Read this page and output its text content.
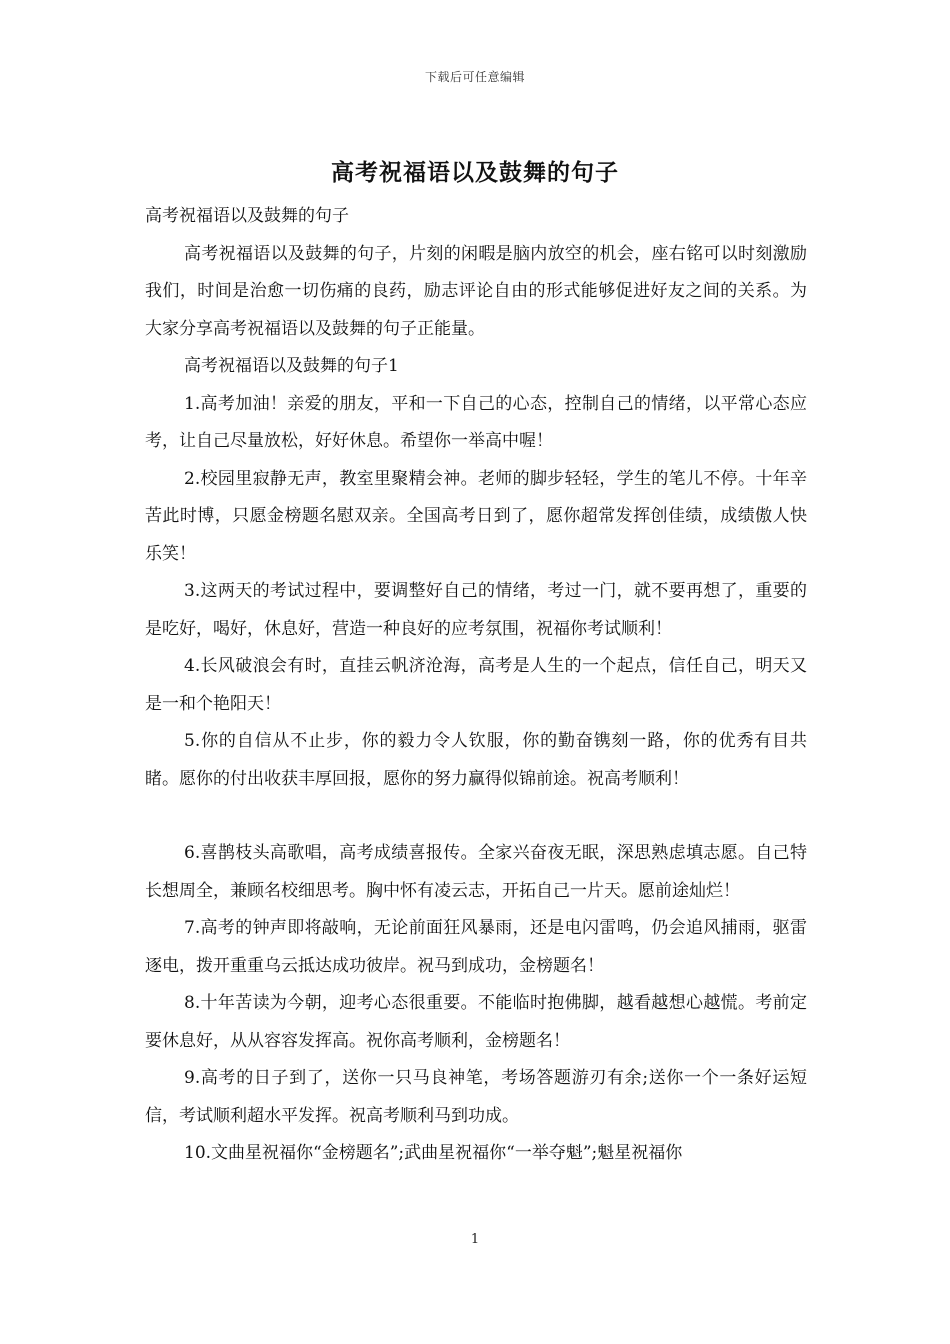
下载后可任意编辑
高考祝福语以及鼓舞的句子

高考祝福语以及鼓舞的句子

高考祝福语以及鼓舞的句子，片刻的闲暇是脑内放空的机会，座右铭可以时刻激励我们，时间是治愈一切伤痛的良药，励志评论自由的形式能够促进好友之间的关系。为大家分享高考祝福语以及鼓舞的句子正能量。

高考祝福语以及鼓舞的句子1

1.高考加油！亲爱的朋友，平和一下自己的心态，控制自己的情绪，以平常心态应考，让自己尽量放松，好好休息。希望你一举高中喔！

2.校园里寂静无声，教室里聚精会神。老师的脚步轻轻，学生的笔儿不停。十年辛苦此时博，只愿金榜题名慰双亲。全国高考日到了，愿你超常发挥创佳绩，成绩傲人快乐笑！

3.这两天的考试过程中，要调整好自己的情绪，考过一门，就不要再想了，重要的是吃好，喝好，休息好，营造一种良好的应考氛围，祝福你考试顺利！

4.长风破浪会有时，直挂云帆济沧海，高考是人生的一个起点，信任自己，明天又是一和个艳阳天！

5.你的自信从不止步，你的毅力令人钦服，你的勤奋镌刻一路，你的优秀有目共睹。愿你的付出收获丰厚回报，愿你的努力赢得似锦前途。祝高考顺利！

6.喜鹊枝头高歌唱，高考成绩喜报传。全家兴奋夜无眠，深思熟虑填志愿。自己特长想周全，兼顾名校细思考。胸中怀有凌云志，开拓自己一片天。愿前途灿烂！

7.高考的钟声即将敲响，无论前面狂风暴雨，还是电闪雷鸣，仍会追风捕雨，驱雷逐电，拨开重重乌云抵达成功彼岸。祝马到成功，金榜题名！

8.十年苦读为今朝，迎考心态很重要。不能临时抱佛脚，越看越想心越慌。考前定要休息好，从从容容发挥高。祝你高考顺利，金榜题名！

9.高考的日子到了，送你一只马良神笔，考场答题游刃有余;送你一个一条好运短信，考试顺利超水平发挥。祝高考顺利马到功成。

10.文曲星祝福你“金榜题名”;武曲星祝福你“一举夺魁”;魁星祝福你

1
